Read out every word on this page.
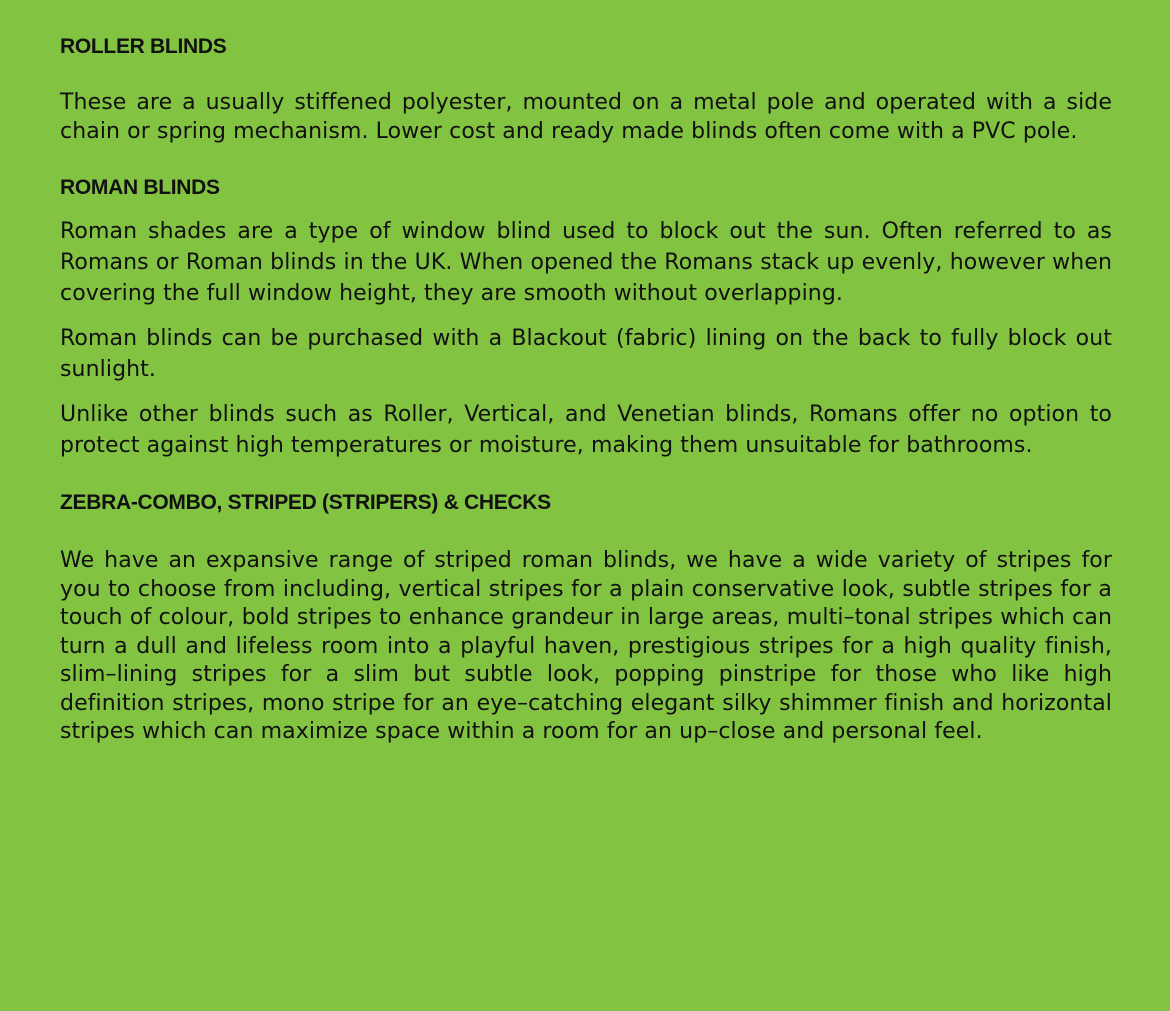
ROLLER BLINDS

These are a usually stiffened polyester, mounted on a metal pole and operated with a side chain or spring mechanism. Lower cost and ready made blinds often come with a PVC pole.

ROMAN BLINDS

Roman shades are a type of window blind used to block out the sun. Often referred to as Romans or Roman blinds in the UK. When opened the Romans stack up evenly, however when covering the full window height, they are smooth without overlapping.

Roman blinds can be purchased with a Blackout (fabric) lining on the back to fully block out sunlight.

Unlike other blinds such as Roller, Vertical, and Venetian blinds, Romans offer no option to protect against high temperatures or moisture, making them unsuitable for bathrooms.

ZEBRA-COMBO, STRIPED (STRIPERS) & CHECKS

We have an expansive range of striped roman blinds, we have a wide variety of stripes for you to choose from including, vertical stripes for a plain conservative look, subtle stripes for a touch of colour, bold stripes to enhance grandeur in large areas, multi–tonal stripes which can turn a dull and lifeless room into a playful haven, prestigious stripes for a high quality finish, slim–lining stripes for a slim but subtle look, popping pinstripe for those who like high definition stripes, mono stripe for an eye–catching elegant silky shimmer finish and horizontal stripes which can maximize space within a room for an up–close and personal feel.
